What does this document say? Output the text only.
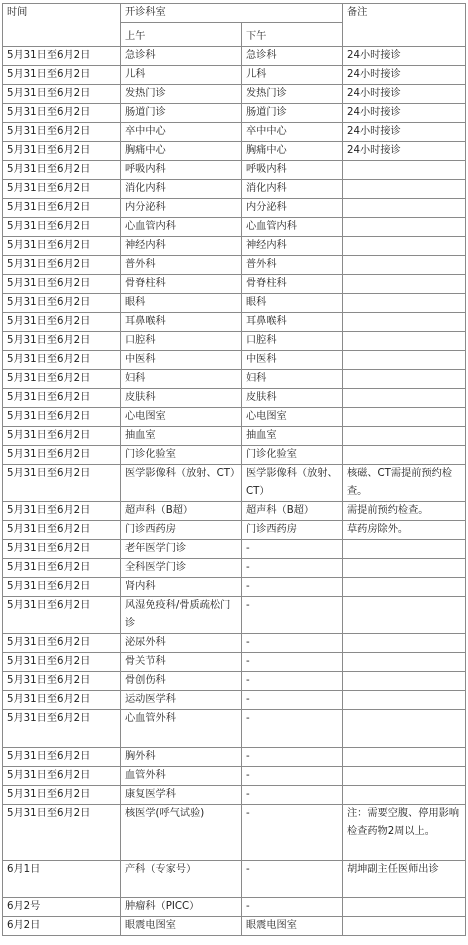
时间	开诊科室		备注
	上午	下午	
5月31日至6月2日	急诊科	急诊科	24小时接诊
5月31日至6月2日	儿科	儿科	24小时接诊
5月31日至6月2日	发热门诊	发热门诊	24小时接诊
5月31日至6月2日	肠道门诊	肠道门诊	24小时接诊
5月31日至6月2日	卒中中心	卒中中心	24小时接诊
5月31日至6月2日	胸痛中心	胸痛中心	24小时接诊
5月31日至6月2日	呼吸内科	呼吸内科	
5月31日至6月2日	消化内科	消化内科	
5月31日至6月2日	内分泌科	内分泌科	
5月31日至6月2日	心血管内科	心血管内科	
5月31日至6月2日	神经内科	神经内科	
5月31日至6月2日	普外科	普外科	
5月31日至6月2日	骨脊柱科	骨脊柱科	
5月31日至6月2日	眼科	眼科	
5月31日至6月2日	耳鼻喉科	耳鼻喉科	
5月31日至6月2日	口腔科	口腔科	
5月31日至6月2日	中医科	中医科	
5月31日至6月2日	妇科	妇科	
5月31日至6月2日	皮肤科	皮肤科	
5月31日至6月2日	心电图室	心电图室	
5月31日至6月2日	抽血室	抽血室	
5月31日至6月2日	门诊化验室	门诊化验室	
5月31日至6月2日	医学影像科（放射、CT）	医学影像科（放射、CT）	核磁、CT需提前预约检查。
5月31日至6月2日	超声科（B超）	超声科（B超）	需提前预约检查。
5月31日至6月2日	门诊西药房	门诊西药房	草药房除外。
5月31日至6月2日	老年医学门诊	-	
5月31日至6月2日	全科医学门诊	-	
5月31日至6月2日	肾内科	-	
5月31日至6月2日	风湿免疫科/骨质疏松门诊	-	
5月31日至6月2日	泌尿外科	-	
5月31日至6月2日	骨关节科	-	
5月31日至6月2日	骨创伤科	-	
5月31日至6月2日	运动医学科	-	
5月31日至6月2日	心血管外科	-	
5月31日至6月2日	胸外科	-	
5月31日至6月2日	血管外科	-	
5月31日至6月2日	康复医学科	-	
5月31日至6月2日	核医学(呼气试验)	-	注：需要空腹、停用影响检查药物2周以上。
6月1日	产科（专家号）	-	胡坤副主任医师出诊
6月2号	肿瘤科（PICC）	-	
6月2日	眼震电图室	眼震电图室	
